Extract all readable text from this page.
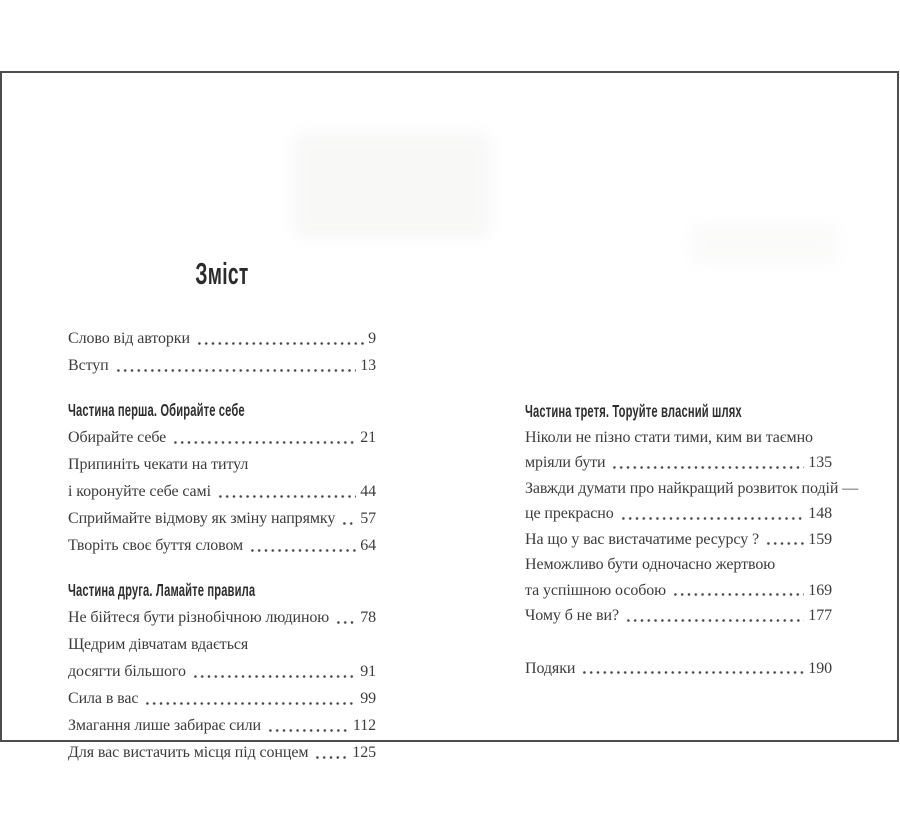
Зміст
Слово від авторки	9
Вступ	13
Частина перша. Обирайте себе
Обирайте себе	21
Припиніть чекати на титул
і коронуйте себе самі	44
Сприймайте відмову як зміну напрямку 57
Творіть своє буття словом	64
Частина друга. Ламайте правила
Не бійтеся бути різнобічною людиною 78
Щедрим дівчатам вдається
досягти більшого	91
Сила в вас	99
Змагання лише забирає сили	112
Для вас вистачить місця під сонцем	125
Частина третя. Торуйте власний шлях
Ніколи не пізно стати тими, ким ви таємно
мріяли бути	135
Завжди думати про найкращий розвиток подій —
це прекрасно	148
На що у вас вистачатиме ресурсу ?	159
Неможливо бути одночасно жертвою
та успішною особою	169
Чому б не ви?	177
Подяки	190
